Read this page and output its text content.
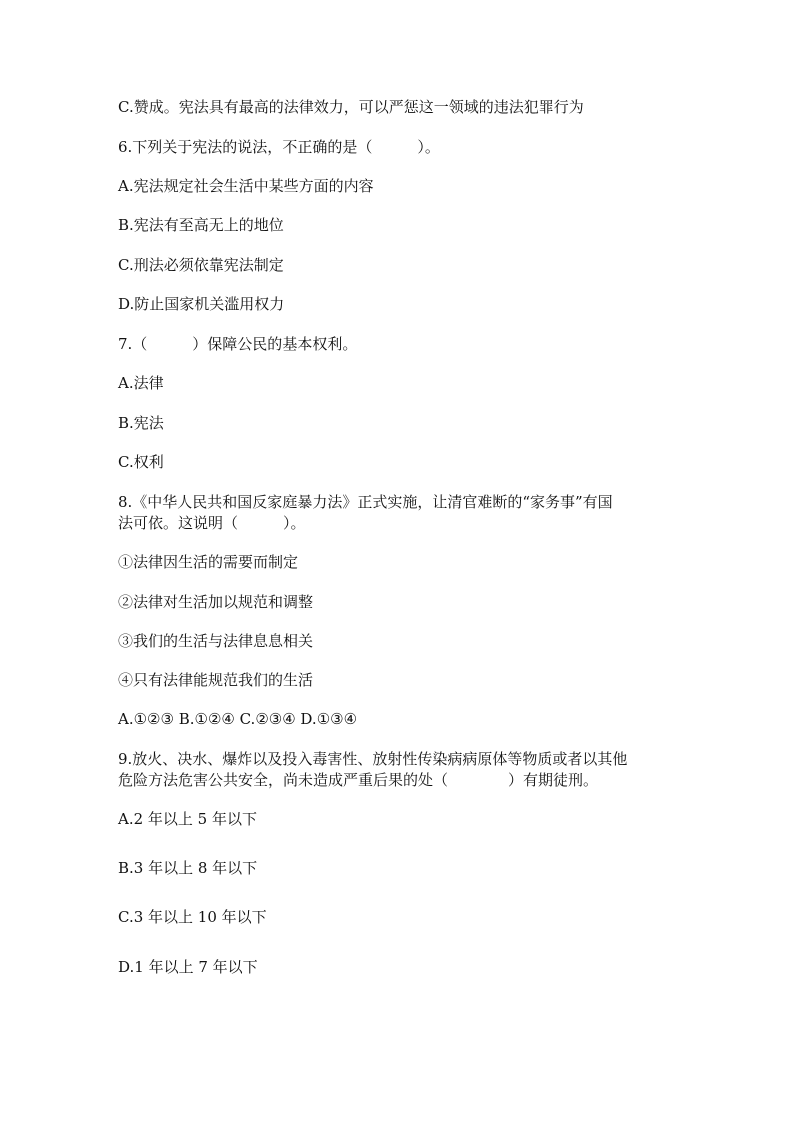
C.赞成。宪法具有最高的法律效力，可以严惩这一领域的违法犯罪行为
6.下列关于宪法的说法，不正确的是（　　　）。
A.宪法规定社会生活中某些方面的内容
B.宪法有至高无上的地位
C.刑法必须依靠宪法制定
D.防止国家机关滥用权力
7.（　　　）保障公民的基本权利。
A.法律
B.宪法
C.权利
8.《中华人民共和国反家庭暴力法》正式实施，让清官难断的“家务事”有国
法可依。这说明（　　　）。
①法律因生活的需要而制定
②法律对生活加以规范和调整
③我们的生活与法律息息相关
④只有法律能规范我们的生活
A.①②③ B.①②④ C.②③④ D.①③④
9.放火、决水、爆炸以及投入毒害性、放射性传染病病原体等物质或者以其他
危险方法危害公共安全，尚未造成严重后果的处（　　　　）有期徒刑。
A.2 年以上 5 年以下
B.3 年以上 8 年以下
C.3 年以上 10 年以下
D.1 年以上 7 年以下
